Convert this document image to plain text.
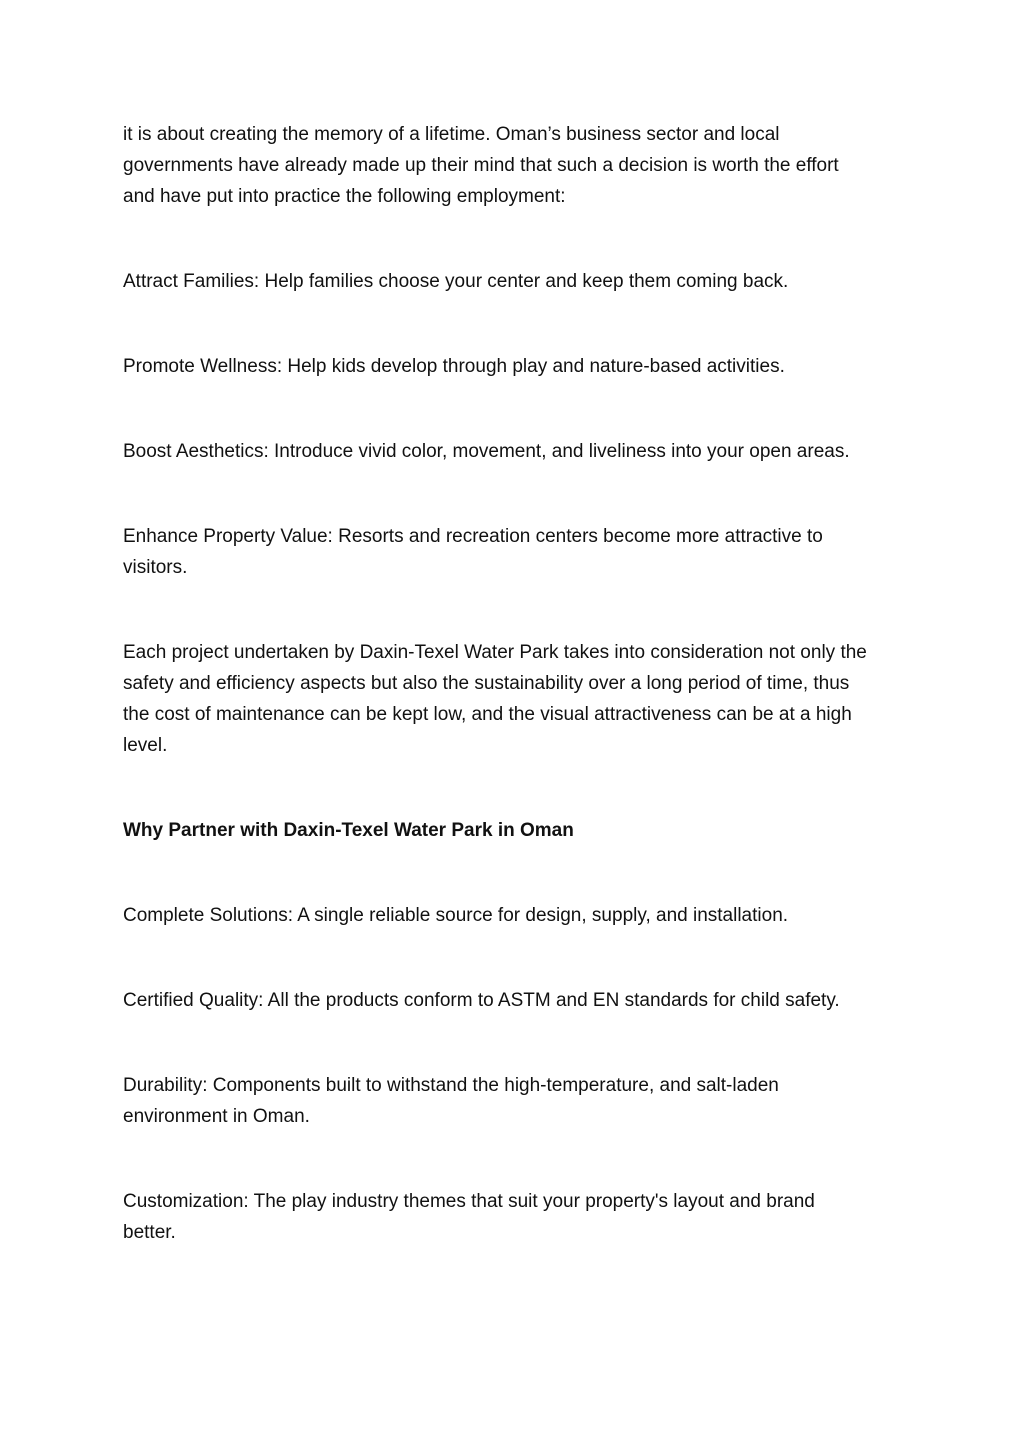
it is about creating the memory of a lifetime. Oman’s business sector and local governments have already made up their mind that such a decision is worth the effort and have put into practice the following employment:

Attract Families: Help families choose your center and keep them coming back.

Promote Wellness: Help kids develop through play and nature-based activities.

Boost Aesthetics: Introduce vivid color, movement, and liveliness into your open areas.

Enhance Property Value: Resorts and recreation centers become more attractive to visitors.

Each project undertaken by Daxin-Texel Water Park takes into consideration not only the safety and efficiency aspects but also the sustainability over a long period of time, thus the cost of maintenance can be kept low, and the visual attractiveness can be at a high level.

Why Partner with Daxin-Texel Water Park in Oman

Complete Solutions: A single reliable source for design, supply, and installation.

Certified Quality: All the products conform to ASTM and EN standards for child safety.

Durability: Components built to withstand the high-temperature, and salt-laden environment in Oman.

Customization: The play industry themes that suit your property's layout and brand better.
